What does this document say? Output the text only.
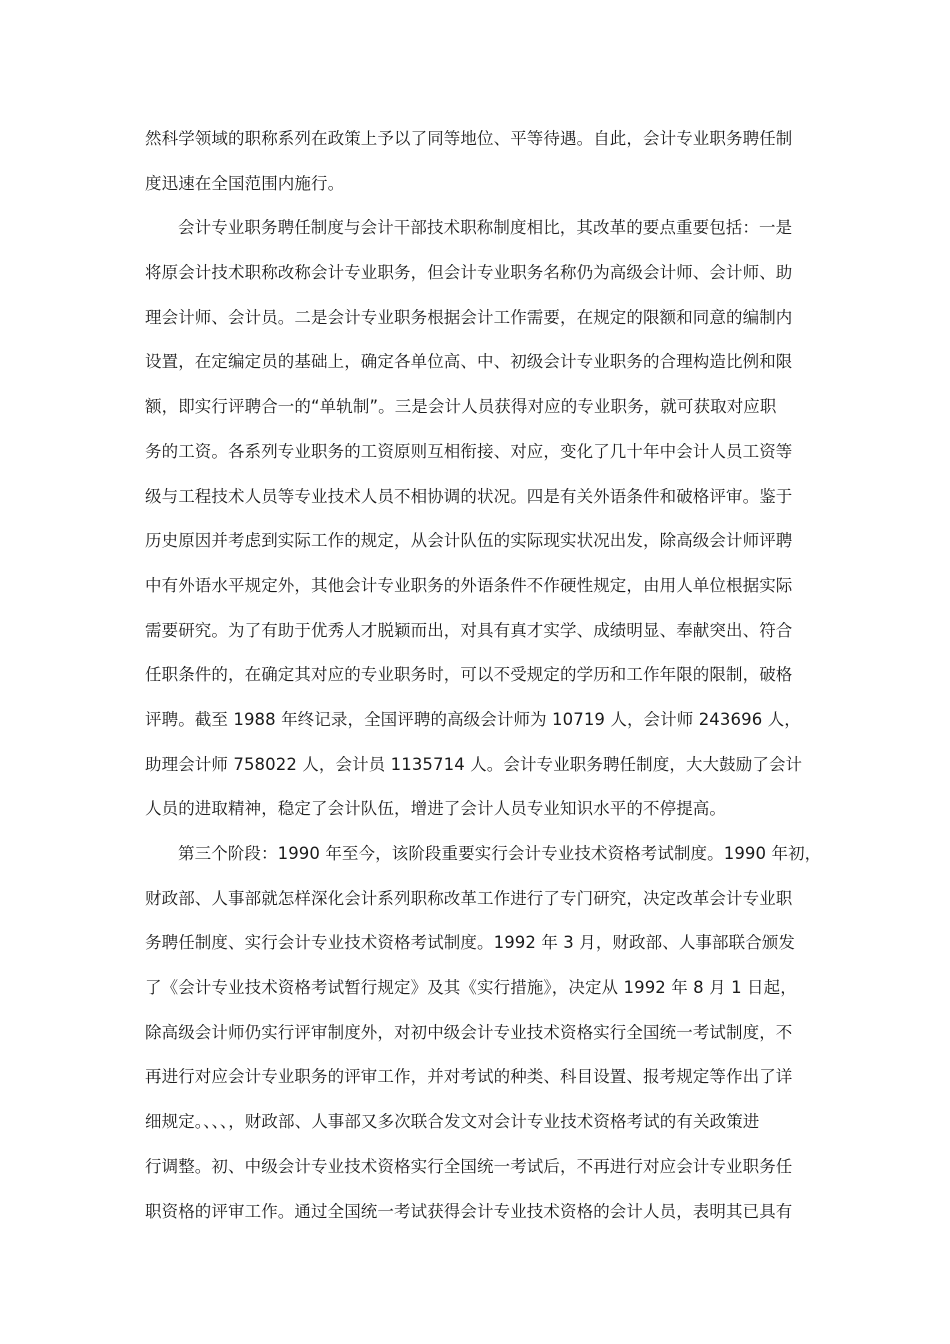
然科学领域的职称系列在政策上予以了同等地位、平等待遇。自此，会计专业职务聘任制
度迅速在全国范围内施行。
会计专业职务聘任制度与会计干部技术职称制度相比，其改革的要点重要包括：一是
将原会计技术职称改称会计专业职务，但会计专业职务名称仍为高级会计师、会计师、助
理会计师、会计员。二是会计专业职务根据会计工作需要，在规定的限额和同意的编制内
设置，在定编定员的基础上，确定各单位高、中、初级会计专业职务的合理构造比例和限
额，即实行评聘合一的“单轨制”。三是会计人员获得对应的专业职务，就可获取对应职
务的工资。各系列专业职务的工资原则互相衔接、对应，变化了几十年中会计人员工资等
级与工程技术人员等专业技术人员不相协调的状况。四是有关外语条件和破格评审。鉴于
历史原因并考虑到实际工作的规定，从会计队伍的实际现实状况出发，除高级会计师评聘
中有外语水平规定外，其他会计专业职务的外语条件不作硬性规定，由用人单位根据实际
需要研究。为了有助于优秀人才脱颖而出，对具有真才实学、成绩明显、奉献突出、符合
任职条件的，在确定其对应的专业职务时，可以不受规定的学历和工作年限的限制，破格
评聘。截至 1988 年终记录，全国评聘的高级会计师为 10719 人，会计师 243696 人，
助理会计师 758022 人，会计员 1135714 人。会计专业职务聘任制度，大大鼓励了会计
人员的进取精神，稳定了会计队伍，增进了会计人员专业知识水平的不停提高。
第三个阶段：1990 年至今，该阶段重要实行会计专业技术资格考试制度。1990 年初，
财政部、人事部就怎样深化会计系列职称改革工作进行了专门研究，决定改革会计专业职
务聘任制度、实行会计专业技术资格考试制度。1992 年 3 月，财政部、人事部联合颁发
了《会计专业技术资格考试暂行规定》及其《实行措施》，决定从 1992 年 8 月 1 日起，
除高级会计师仍实行评审制度外，对初中级会计专业技术资格实行全国统一考试制度，不
再进行对应会计专业职务的评审工作，并对考试的种类、科目设置、报考规定等作出了详
细规定。、、、，财政部、人事部又多次联合发文对会计专业技术资格考试的有关政策进
行调整。初、中级会计专业技术资格实行全国统一考试后，不再进行对应会计专业职务任
职资格的评审工作。通过全国统一考试获得会计专业技术资格的会计人员，表明其已具有
